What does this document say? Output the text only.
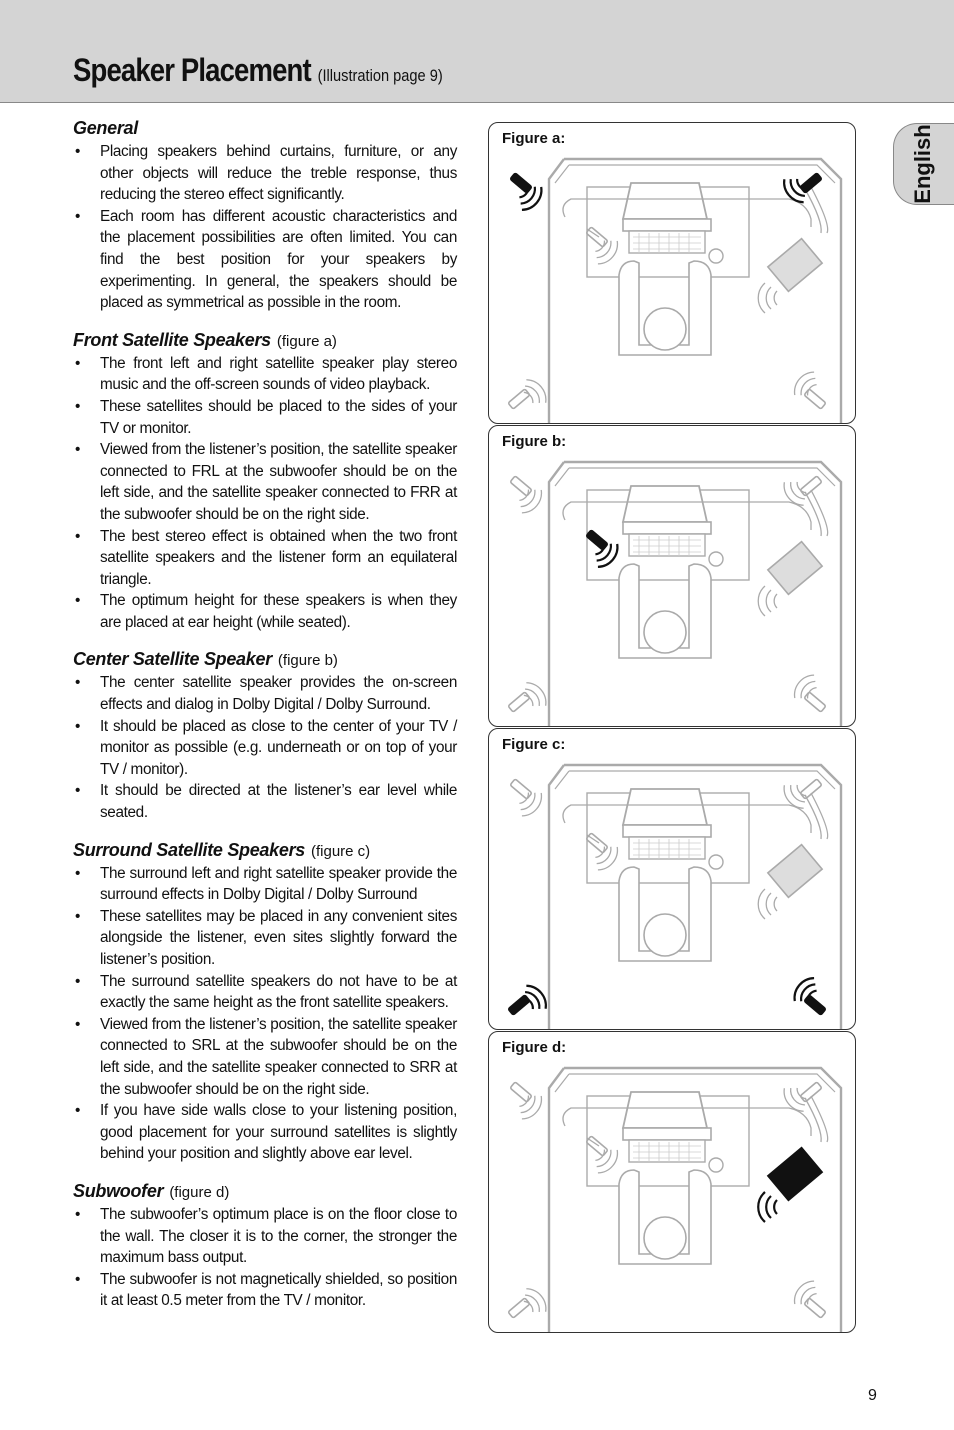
Speaker Placement (Illustration page 9)
English
General
• Placing speakers behind curtains, furniture, or any other objects will reduce the treble response, thus reducing the stereo effect significantly.
• Each room has different acoustic characteristics and the placement possibilities are often limited. You can find the best position for your speakers by experimenting. In general, the speakers should be placed as symmetrical as possible in the room.
Front Satellite Speakers (figure a)
• The front left and right satellite speaker play stereo music and the off-screen sounds of video playback.
• These satellites should be placed to the sides of your TV or monitor.
• Viewed from the listener’s position, the satellite speaker connected to FRL at the subwoofer should be on the left side, and the satellite speaker connected to FRR at the subwoofer should be on the right side.
• The best stereo effect is obtained when the two front satellite speakers and the listener form an equilateral triangle.
• The optimum height for these speakers is when they are placed at ear height (while seated).
Center Satellite Speaker (figure b)
• The center satellite speaker provides the on-screen effects and dialog in Dolby Digital / Dolby Surround.
• It should be placed as close to the center of your TV / monitor as possible (e.g. underneath or on top of your TV / monitor).
• It should be directed at the listener’s ear level while seated.
Surround Satellite Speakers (figure c)
• The surround left and right satellite speaker provide the surround effects in Dolby Digital / Dolby Surround
• These satellites may be placed in any convenient sites alongside the listener, even sites slightly forward the listener’s position.
• The surround satellite speakers do not have to be at exactly the same height as the front satellite speakers.
• Viewed from the listener’s position, the satellite speaker connected to SRL at the subwoofer should be on the left side, and the satellite speaker connected to SRR at the subwoofer should be on the right side.
• If you have side walls close to your listening position, good placement for your surround satellites is slightly behind your position and slightly above ear level.
Subwoofer (figure d)
• The subwoofer’s optimum place is on the floor close to the wall. The closer it is to the corner, the stronger the maximum bass output.
• The subwoofer is not magnetically shielded, so position it at least 0.5 meter from the TV / monitor.
Figure a:
Figure b:
Figure c:
Figure d:
9
